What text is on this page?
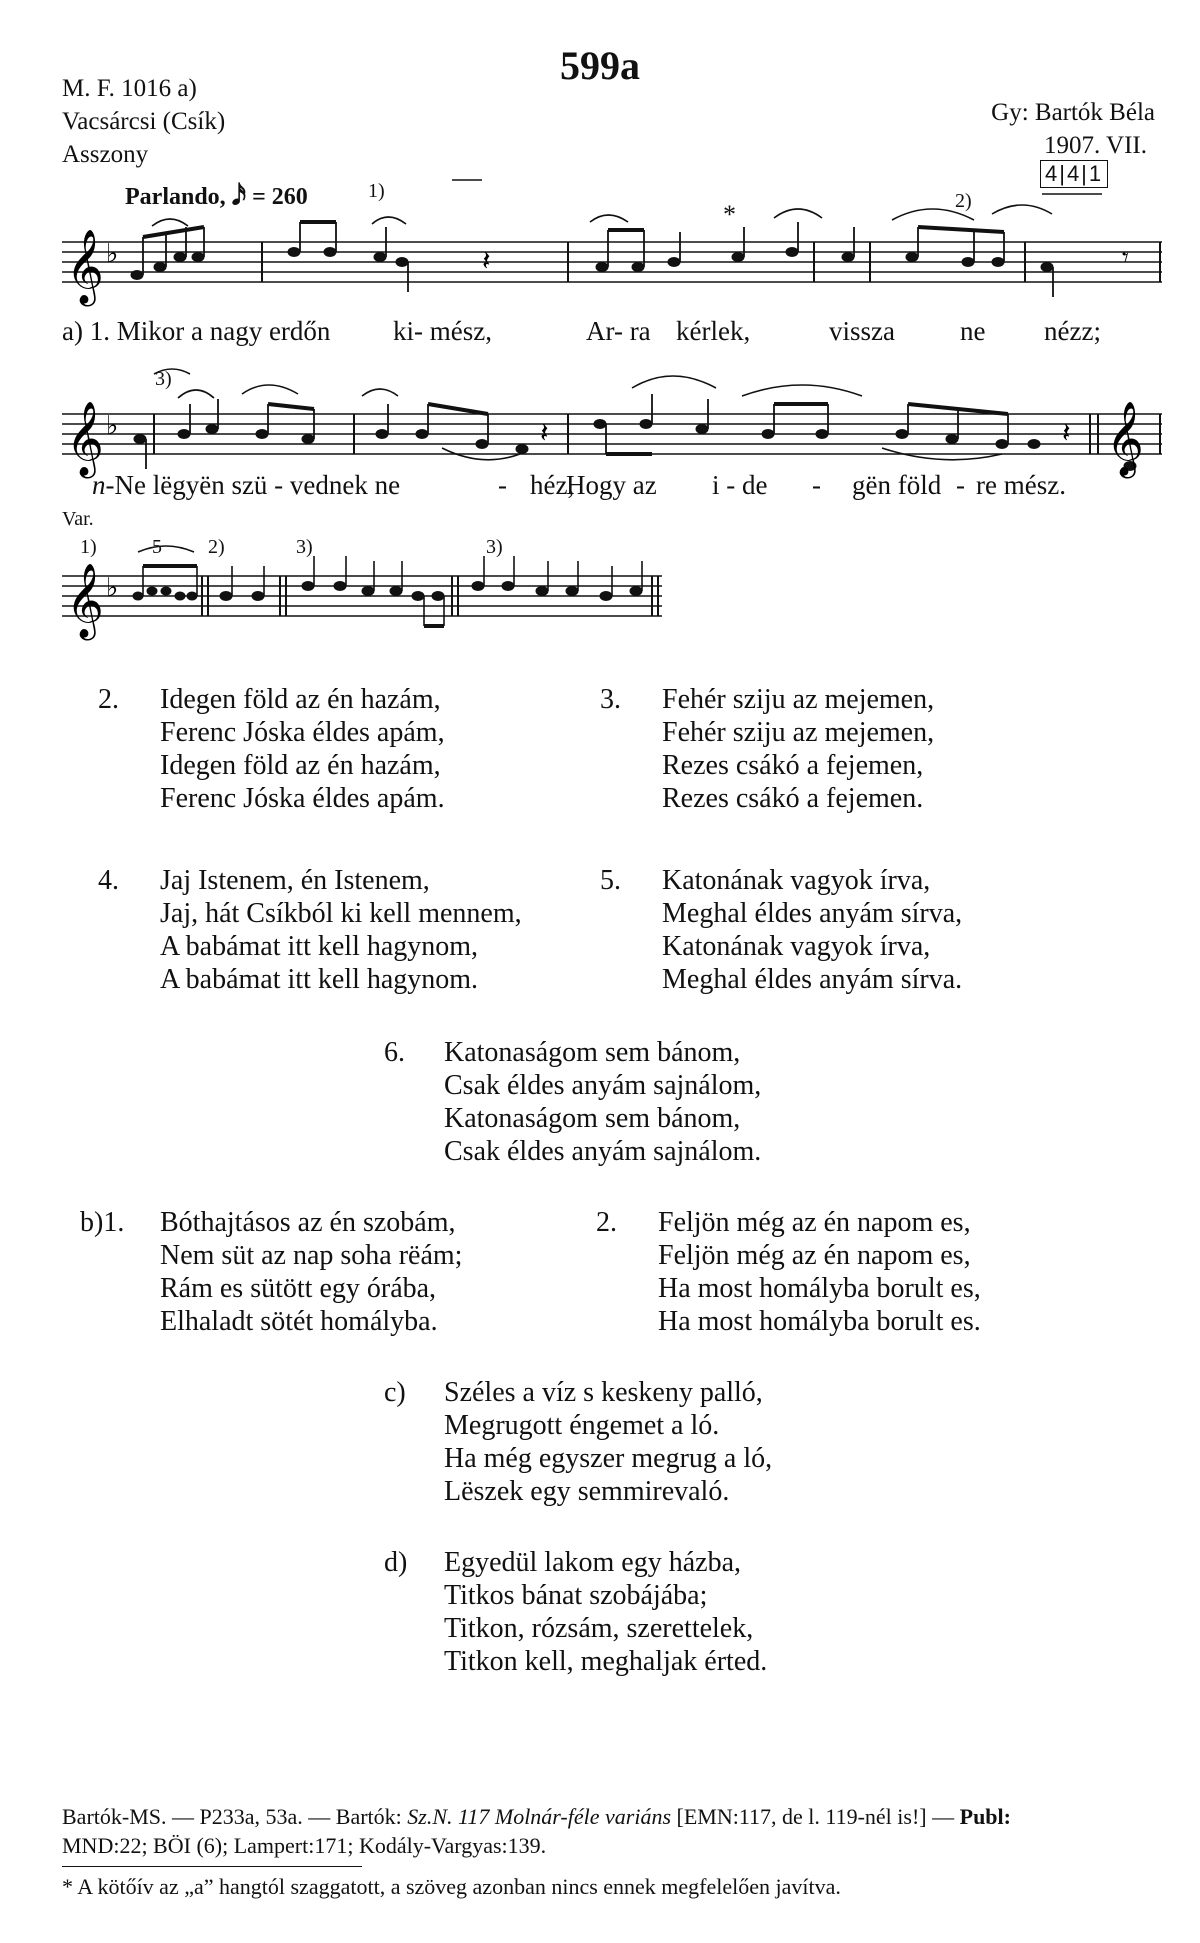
599a
M. F. 1016 a)
Vacsárcsi (Csík)
Asszony
Gy: Bartók Béla
1907. VII.
4|4|1
Parlando, 𝅘𝅥𝅯 = 260	1)	2)
*
3)
𝄞 ♭	𝄽	𝄾
a) 1. Mikor a nagy erdőn ki- mész,	Ar- ra kérlek,	vissza ne nézz;
𝄞 ♭	𝄽	𝄽 𝄞
n-Ne lëgyën szü - vednek ne	- héz,
Hogy az i - de - gën föld - re mész.
Var.
1)	5 2)	3)	3)
𝄞 ♭
2. Idegen föld az én hazám,
Ferenc Jóska éldes apám,
Idegen föld az én hazám,
Ferenc Jóska éldes apám.
3. Fehér sziju az mejemen,
Fehér sziju az mejemen,
Rezes csákó a fejemen,
Rezes csákó a fejemen.
4. Jaj Istenem, én Istenem,
Jaj, hát Csíkból ki kell mennem,
A babámat itt kell hagynom,
A babámat itt kell hagynom.
5. Katonának vagyok írva,
Meghal éldes anyám sírva,
Katonának vagyok írva,
Meghal éldes anyám sírva.
6. Katonaságom sem bánom,
Csak éldes anyám sajnálom,
Katonaságom sem bánom,
Csak éldes anyám sajnálom.
b)1. Bóthajtásos az én szobám,
Nem süt az nap soha rëám;
Rám es sütött egy órába,
Elhaladt sötét homályba.
2. Feljön még az én napom es,
Feljön még az én napom es,
Ha most homályba borult es,
Ha most homályba borult es.
c) Széles a víz s keskeny palló,
Megrugott éngemet a ló.
Ha még egyszer megrug a ló,
Lëszek egy semmirevaló.
d) Egyedül lakom egy házba,
Titkos bánat szobájába;
Titkon, rózsám, szerettelek,
Titkon kell, meghaljak érted.
Bartók-MS. — P233a, 53a. — Bartók: Sz.N. 117 Molnár-féle variáns [EMN:117, de l. 119-nél is!] — Publ:
MND:22; BÖI (6); Lampert:171; Kodály-Vargyas:139.
* A kötőív az „a” hangtól szaggatott, a szöveg azonban nincs ennek megfelelően javítva.
